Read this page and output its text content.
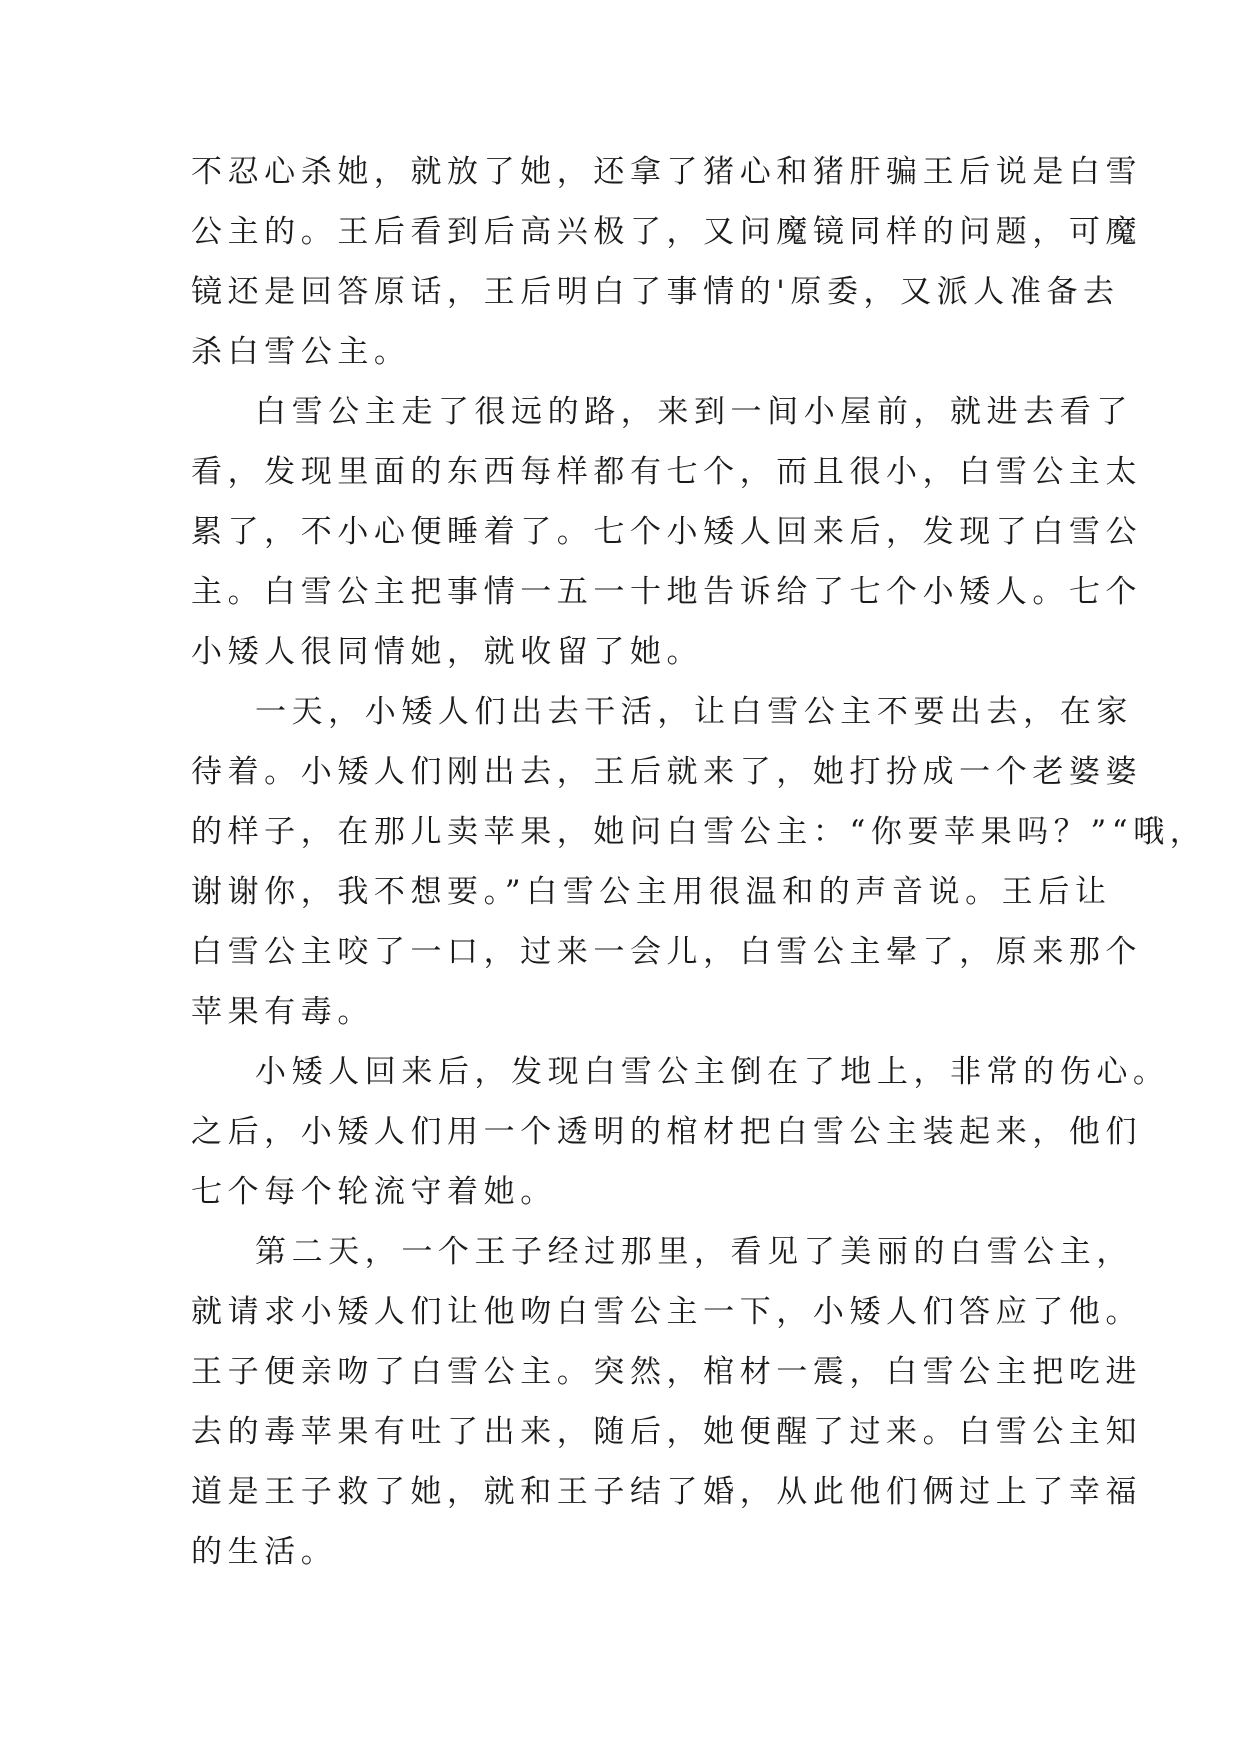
不忍心杀她，就放了她，还拿了猪心和猪肝骗王后说是白雪
公主的。王后看到后高兴极了，又问魔镜同样的问题，可魔
镜还是回答原话，王后明白了事情的'原委，又派人准备去
杀白雪公主。
白雪公主走了很远的路，来到一间小屋前，就进去看了
看，发现里面的东西每样都有七个，而且很小，白雪公主太
累了，不小心便睡着了。七个小矮人回来后，发现了白雪公
主。白雪公主把事情一五一十地告诉给了七个小矮人。七个
小矮人很同情她，就收留了她。
一天，小矮人们出去干活，让白雪公主不要出去，在家
待着。小矮人们刚出去，王后就来了，她打扮成一个老婆婆
的样子，在那儿卖苹果，她问白雪公主：“你要苹果吗？”“哦，
谢谢你，我不想要。”白雪公主用很温和的声音说。王后让
白雪公主咬了一口，过来一会儿，白雪公主晕了，原来那个
苹果有毒。
小矮人回来后，发现白雪公主倒在了地上，非常的伤心。
之后，小矮人们用一个透明的棺材把白雪公主装起来，他们
七个每个轮流守着她。
第二天，一个王子经过那里，看见了美丽的白雪公主，
就请求小矮人们让他吻白雪公主一下，小矮人们答应了他。
王子便亲吻了白雪公主。突然，棺材一震，白雪公主把吃进
去的毒苹果有吐了出来，随后，她便醒了过来。白雪公主知
道是王子救了她，就和王子结了婚，从此他们俩过上了幸福
的生活。
